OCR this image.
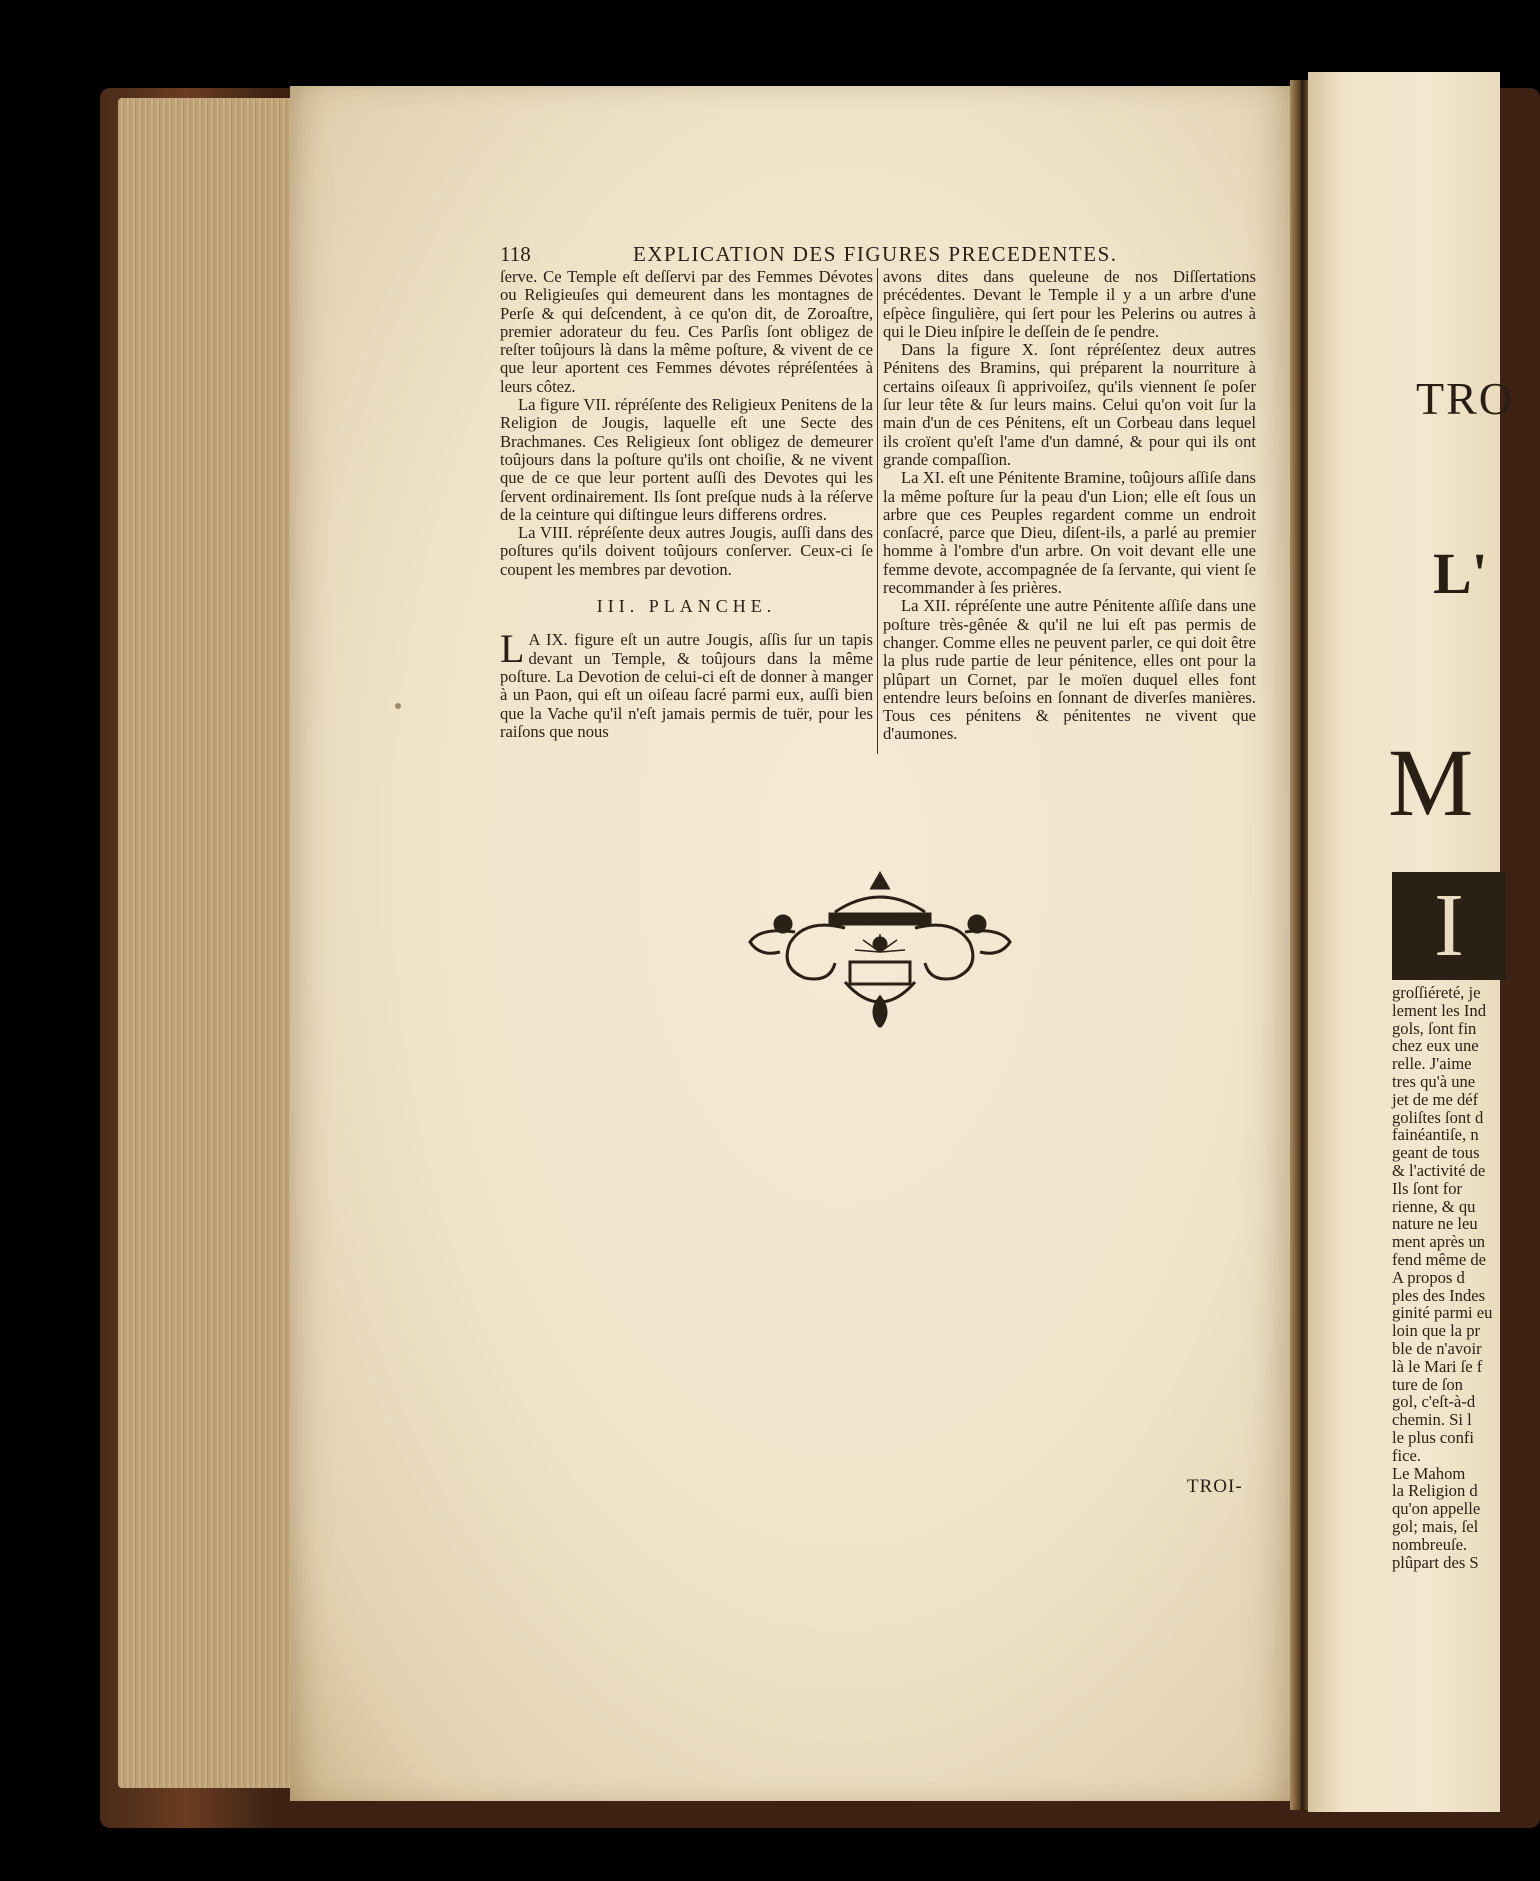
118	EXPLICATION DES FIGURES PRECEDENTES.

ſerve. Ce Temple eſt deſſervi par des Femmes Dévotes ou Religieuſes qui demeurent dans les montagnes de Perſe & qui deſcendent, à ce qu'on dit, de Zoroaſtre, premier adorateur du feu. Ces Parſis ſont obligez de reſter toûjours là dans la même poſture, & vivent de ce que leur aportent ces Femmes dévotes répréſentées à leurs côtez.

La figure VII. répréſente des Religieux Penitens de la Religion de Jougis, laquelle eſt une Secte des Brachmanes. Ces Religieux ſont obligez de demeurer toûjours dans la poſture qu'ils ont choiſie, & ne vivent que de ce que leur portent auſſi des Devotes qui les ſervent ordinairement. Ils ſont preſque nuds à la réſerve de la ceinture qui diſtingue leurs differens ordres.

La VIII. répréſente deux autres Jougis, auſſi dans des poſtures qu'ils doivent toûjours conſerver. Ceux-ci ſe coupent les membres par devotion.

III. PLANCHE.

L A IX. figure eſt un autre Jougis, aſſis ſur un tapis devant un Temple, & toûjours dans la même poſture. La Devotion de celui-ci eſt de donner à manger à un Paon, qui eſt un oiſeau ſacré parmi eux, auſſi bien que la Vache qu'il n'eſt jamais permis de tuër, pour les raiſons que nous

avons dites dans queleune de nos Diſſertations précédentes. Devant le Temple il y a un arbre d'une eſpèce ſingulière, qui ſert pour les Pelerins ou autres à qui le Dieu inſpire le deſſein de ſe pendre.

Dans la figure X. ſont répréſentez deux autres Pénitens des Bramins, qui préparent la nourriture à certains oiſeaux ſi apprivoiſez, qu'ils viennent ſe poſer ſur leur tête & ſur leurs mains. Celui qu'on voit ſur la main d'un de ces Pénitens, eſt un Corbeau dans lequel ils croïent qu'eſt l'ame d'un damné, & pour qui ils ont grande compaſſion.

La XI. eſt une Pénitente Bramine, toûjours aſſiſe dans la même poſture ſur la peau d'un Lion; elle eſt ſous un arbre que ces Peuples regardent comme un endroit conſacré, parce que Dieu, diſent-ils, a parlé au premier homme à l'ombre d'un arbre. On voit devant elle une femme devote, accompagnée de ſa ſervante, qui vient ſe recommander à ſes prières.

La XII. répréſente une autre Pénitente aſſiſe dans une poſture très-gênée & qu'il ne lui eſt pas permis de changer. Comme elles ne peuvent parler, ce qui doit être la plus rude partie de leur pénitence, elles ont pour la plûpart un Cornet, par le moïen duquel elles font entendre leurs beſoins en ſonnant de diverſes manières. Tous ces pénitens & pénitentes ne vivent que d'aumones.

TROI-
TRO
L'
M
I
groſſiéreté, je
lement les Ind
gols, ſont fin
chez eux une
relle. J'aime
tres qu'à une
jet de me déf
goliſtes ſont d
fainéantiſe, n
geant de tous
& l'activité de
Ils ſont for
rienne, & qu
nature ne leu
ment après un
fend même de
A propos d
ples des Indes
ginité parmi eu
loin que la pr
ble de n'avoir
là le Mari ſe f
ture de ſon
gol, c'eſt-à-d
chemin. Si l
le plus confi
fice.
Le Mahom
la Religion d
qu'on appelle
gol; mais, ſel
nombreuſe.
plûpart des S
